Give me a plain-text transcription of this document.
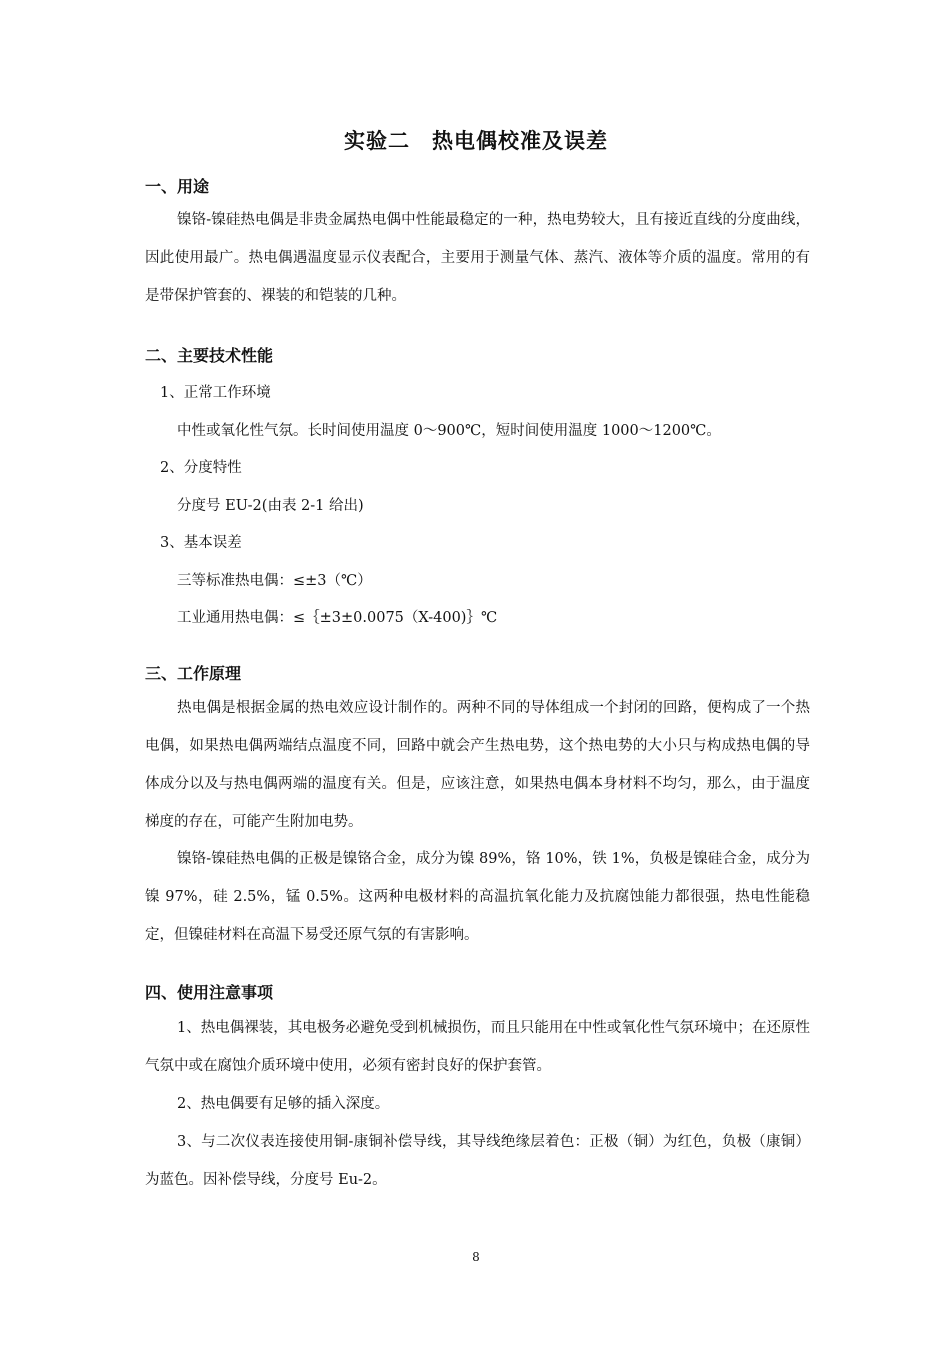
实验二　热电偶校准及误差
一、用途

镍铬-镍硅热电偶是非贵金属热电偶中性能最稳定的一种，热电势较大，且有接近直线的分度曲线，因此使用最广。热电偶遇温度显示仪表配合，主要用于测量气体、蒸汽、液体等介质的温度。常用的有是带保护管套的、裸装的和铠装的几种。

二、主要技术性能
1、正常工作环境
中性或氧化性气氛。长时间使用温度 0～900℃，短时间使用温度 1000～1200℃。
2、分度特性
分度号 EU-2(由表 2-1 给出)
3、基本误差
三等标准热电偶：≤±3（℃）
工业通用热电偶：≤｛±3±0.0075（X-400)｝℃
三、工作原理

热电偶是根据金属的热电效应设计制作的。两种不同的导体组成一个封闭的回路，便构成了一个热电偶，如果热电偶两端结点温度不同，回路中就会产生热电势，这个热电势的大小只与构成热电偶的导体成分以及与热电偶两端的温度有关。但是，应该注意，如果热电偶本身材料不均匀，那么，由于温度梯度的存在，可能产生附加电势。

镍铬-镍硅热电偶的正极是镍铬合金，成分为镍 89%，铬 10%，铁 1%，负极是镍硅合金，成分为镍 97%，硅 2.5%，锰 0.5%。这两种电极材料的高温抗氧化能力及抗腐蚀能力都很强，热电性能稳定，但镍硅材料在高温下易受还原气氛的有害影响。

四、使用注意事项

1、热电偶裸装，其电极务必避免受到机械损伤，而且只能用在中性或氧化性气氛环境中；在还原性气氛中或在腐蚀介质环境中使用，必须有密封良好的保护套管。

2、热电偶要有足够的插入深度。

3、与二次仪表连接使用铜-康铜补偿导线，其导线绝缘层着色：正极（铜）为红色，负极（康铜）为蓝色。因补偿导线，分度号 Eu-2。

8
